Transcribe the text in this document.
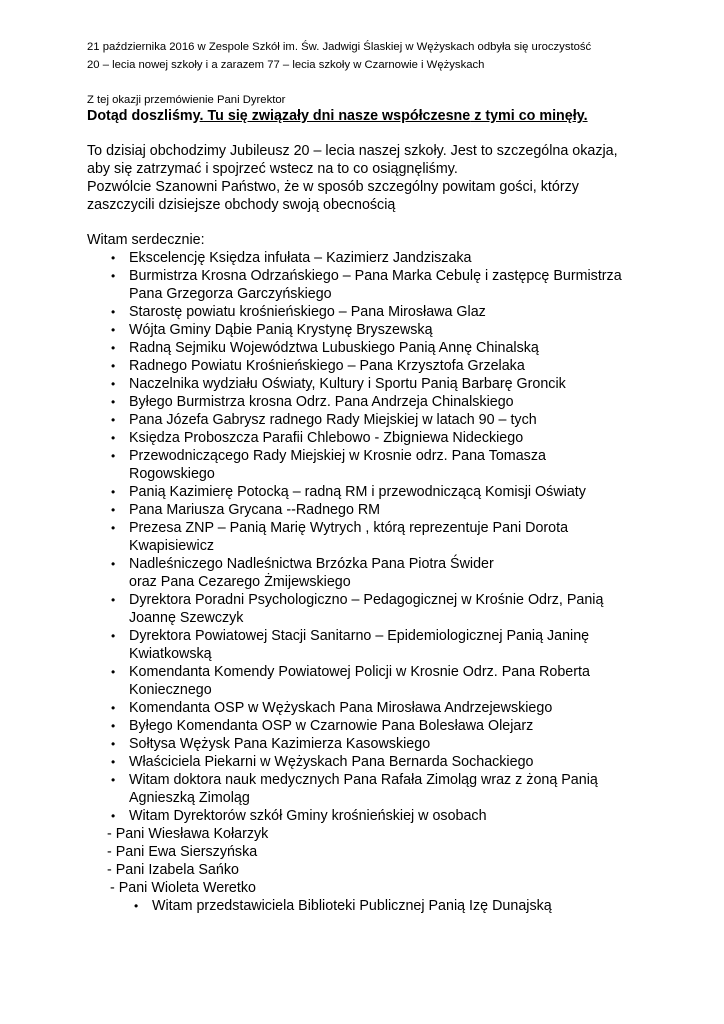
21 października 2016 w Zespole Szkół im. Św. Jadwigi Ślaskiej w Wężyskach odbyła się uroczystość
20 – lecia nowej szkoły i a zarazem 77 – lecia szkoły w Czarnowie i Wężyskach
Z tej okazji przemówienie Pani Dyrektor
Dotąd doszliśmy. Tu się związały dni nasze współczesne z tymi co minęły.
To dzisiaj obchodzimy Jubileusz 20 – lecia naszej szkoły. Jest to szczególna okazja,
aby się zatrzymać i spojrzeć wstecz na to co osiągnęliśmy.
Pozwólcie Szanowni Państwo, że w sposób szczególny powitam gości, którzy
zaszczycili dzisiejsze obchody swoją obecnością
Witam serdecznie:
• Ekscelencję Księdza infułata – Kazimierz Jandziszaka
• Burmistrza Krosna Odrzańskiego – Pana Marka Cebulę i zastępcę Burmistrza
Pana Grzegorza Garczyńskiego
• Starostę powiatu krośnieńskiego – Pana Mirosława Glaz
• Wójta Gminy Dąbie Panią Krystynę Bryszewską
• Radną Sejmiku Województwa Lubuskiego Panią Annę Chinalską
• Radnego Powiatu Krośnieńskiego – Pana Krzysztofa Grzelaka
• Naczelnika wydziału Oświaty, Kultury i Sportu Panią Barbarę Groncik
• Byłego Burmistrza krosna Odrz. Pana Andrzeja Chinalskiego
• Pana Józefa Gabrysz radnego Rady Miejskiej w latach 90 – tych
• Księdza Proboszcza Parafii Chlebowo - Zbigniewa Nideckiego
• Przewodniczącego Rady Miejskiej w Krosnie odrz. Pana Tomasza
Rogowskiego
• Panią Kazimierę Potocką – radną RM i przewodniczącą Komisji Oświaty
• Pana Mariusza Grycana --Radnego RM
• Prezesa ZNP – Panią Marię Wytrych , którą reprezentuje Pani Dorota
Kwapisiewicz
• Nadleśniczego Nadleśnictwa Brzózka Pana Piotra Świder
oraz Pana Cezarego Żmijewskiego
• Dyrektora Poradni Psychologiczno – Pedagogicznej w Krośnie Odrz, Panią
Joannę Szewczyk
• Dyrektora Powiatowej Stacji Sanitarno – Epidemiologicznej Panią Janinę
Kwiatkowską
• Komendanta Komendy Powiatowej Policji w Krosnie Odrz. Pana Roberta
Koniecznego
• Komendanta OSP w Wężyskach Pana Mirosława Andrzejewskiego
• Byłego Komendanta OSP w Czarnowie Pana Bolesława Olejarz
• Sołtysa Wężysk Pana Kazimierza Kasowskiego
• Właściciela Piekarni w Wężyskach Pana Bernarda Sochackiego
• Witam doktora nauk medycznych Pana Rafała Zimoląg wraz z żoną Panią
Agnieszką Zimoląg
• Witam Dyrektorów szkół Gminy krośnieńskiej w osobach
- Pani Wiesława Kołarzyk
- Pani Ewa Sierszyńska
- Pani Izabela Sańko
- Pani Wioleta Weretko
• Witam przedstawiciela Biblioteki Publicznej Panią Izę Dunajską
